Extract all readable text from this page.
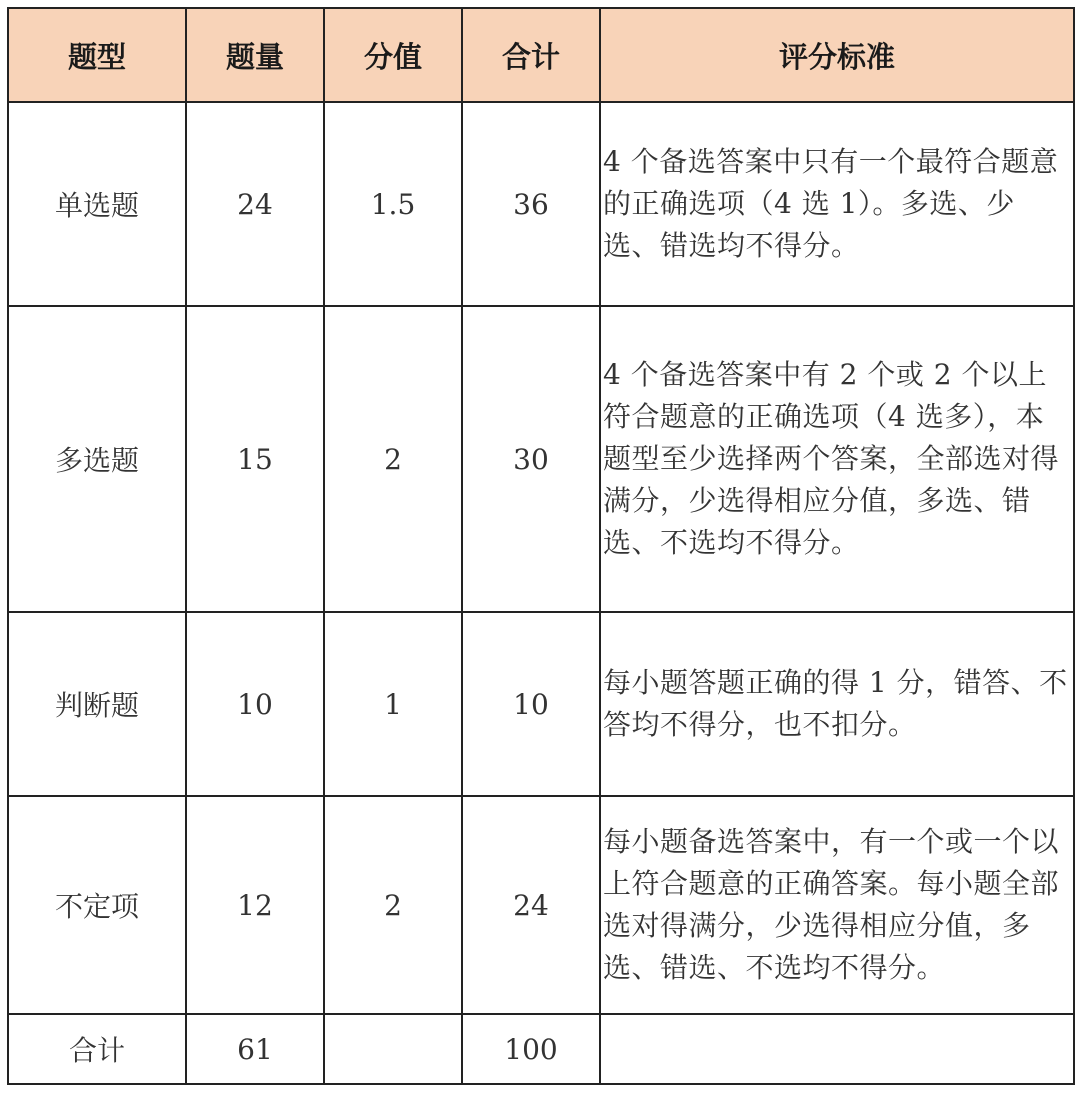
题型	题量	分值	合计	评分标准
单选题	24	1.5	36	4 个备选答案中只有一个最符合题意的正确选项（4 选 1）。多选、少选、错选均不得分。
多选题	15	2	30	4 个备选答案中有 2 个或 2 个以上符合题意的正确选项（4 选多），本题型至少选择两个答案，全部选对得满分，少选得相应分值，多选、错选、不选均不得分。
判断题	10	1	10	每小题答题正确的得 1 分，错答、不答均不得分，也不扣分。
不定项	12	2	24	每小题备选答案中，有一个或一个以上符合题意的正确答案。每小题全部选对得满分，少选得相应分值，多选、错选、不选均不得分。
合计	61		100	
